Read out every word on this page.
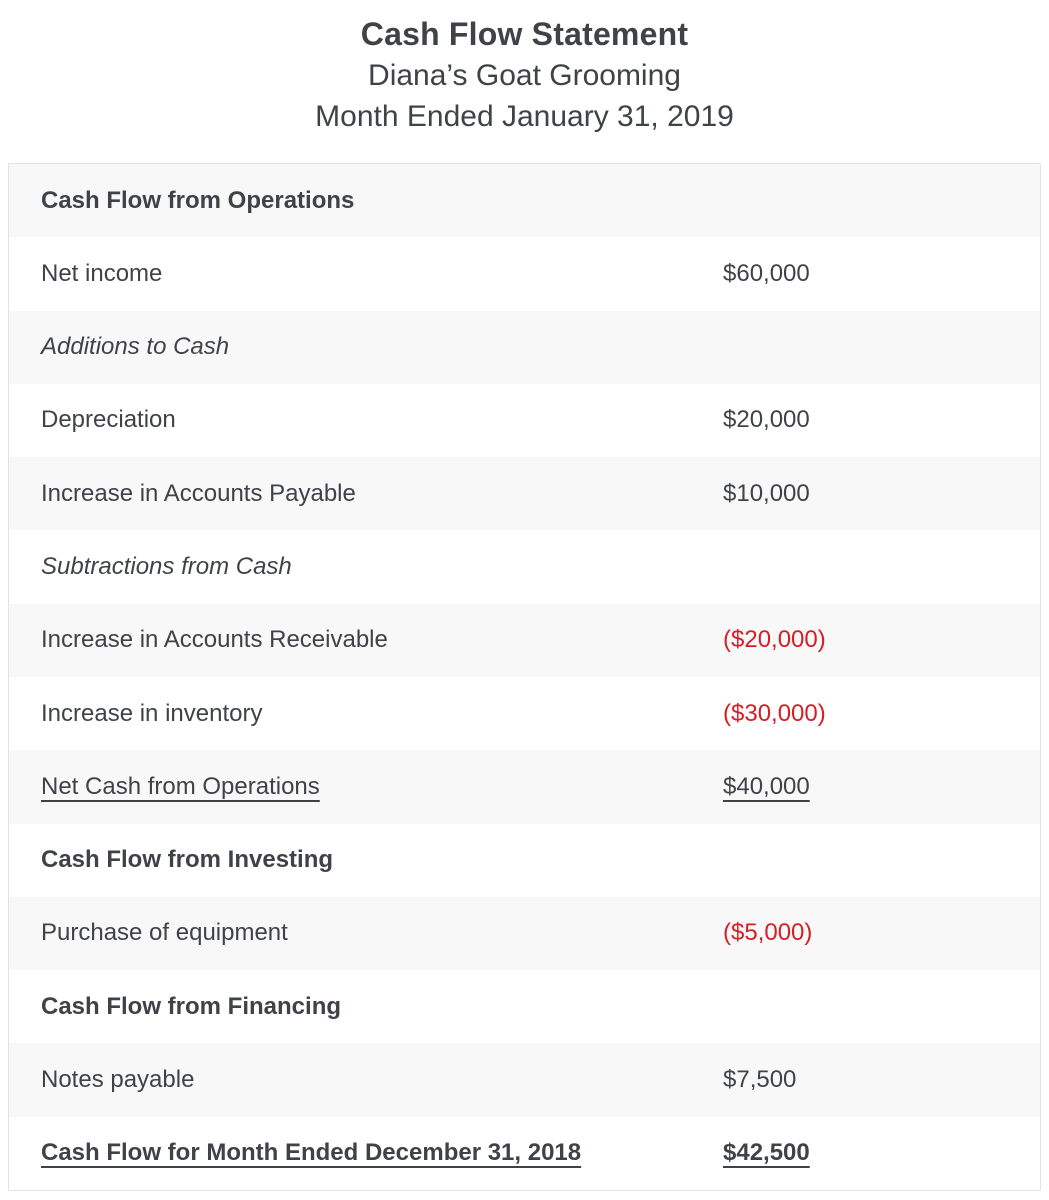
Cash Flow Statement
Diana’s Goat Grooming
Month Ended January 31, 2019
Cash Flow from Operations
Net income	$60,000
Additions to Cash
Depreciation	$20,000
Increase in Accounts Payable	$10,000
Subtractions from Cash
Increase in Accounts Receivable	($20,000)
Increase in inventory	($30,000)
Net Cash from Operations	$40,000
Cash Flow from Investing
Purchase of equipment	($5,000)
Cash Flow from Financing
Notes payable	$7,500
Cash Flow for Month Ended December 31, 2018	$42,500
